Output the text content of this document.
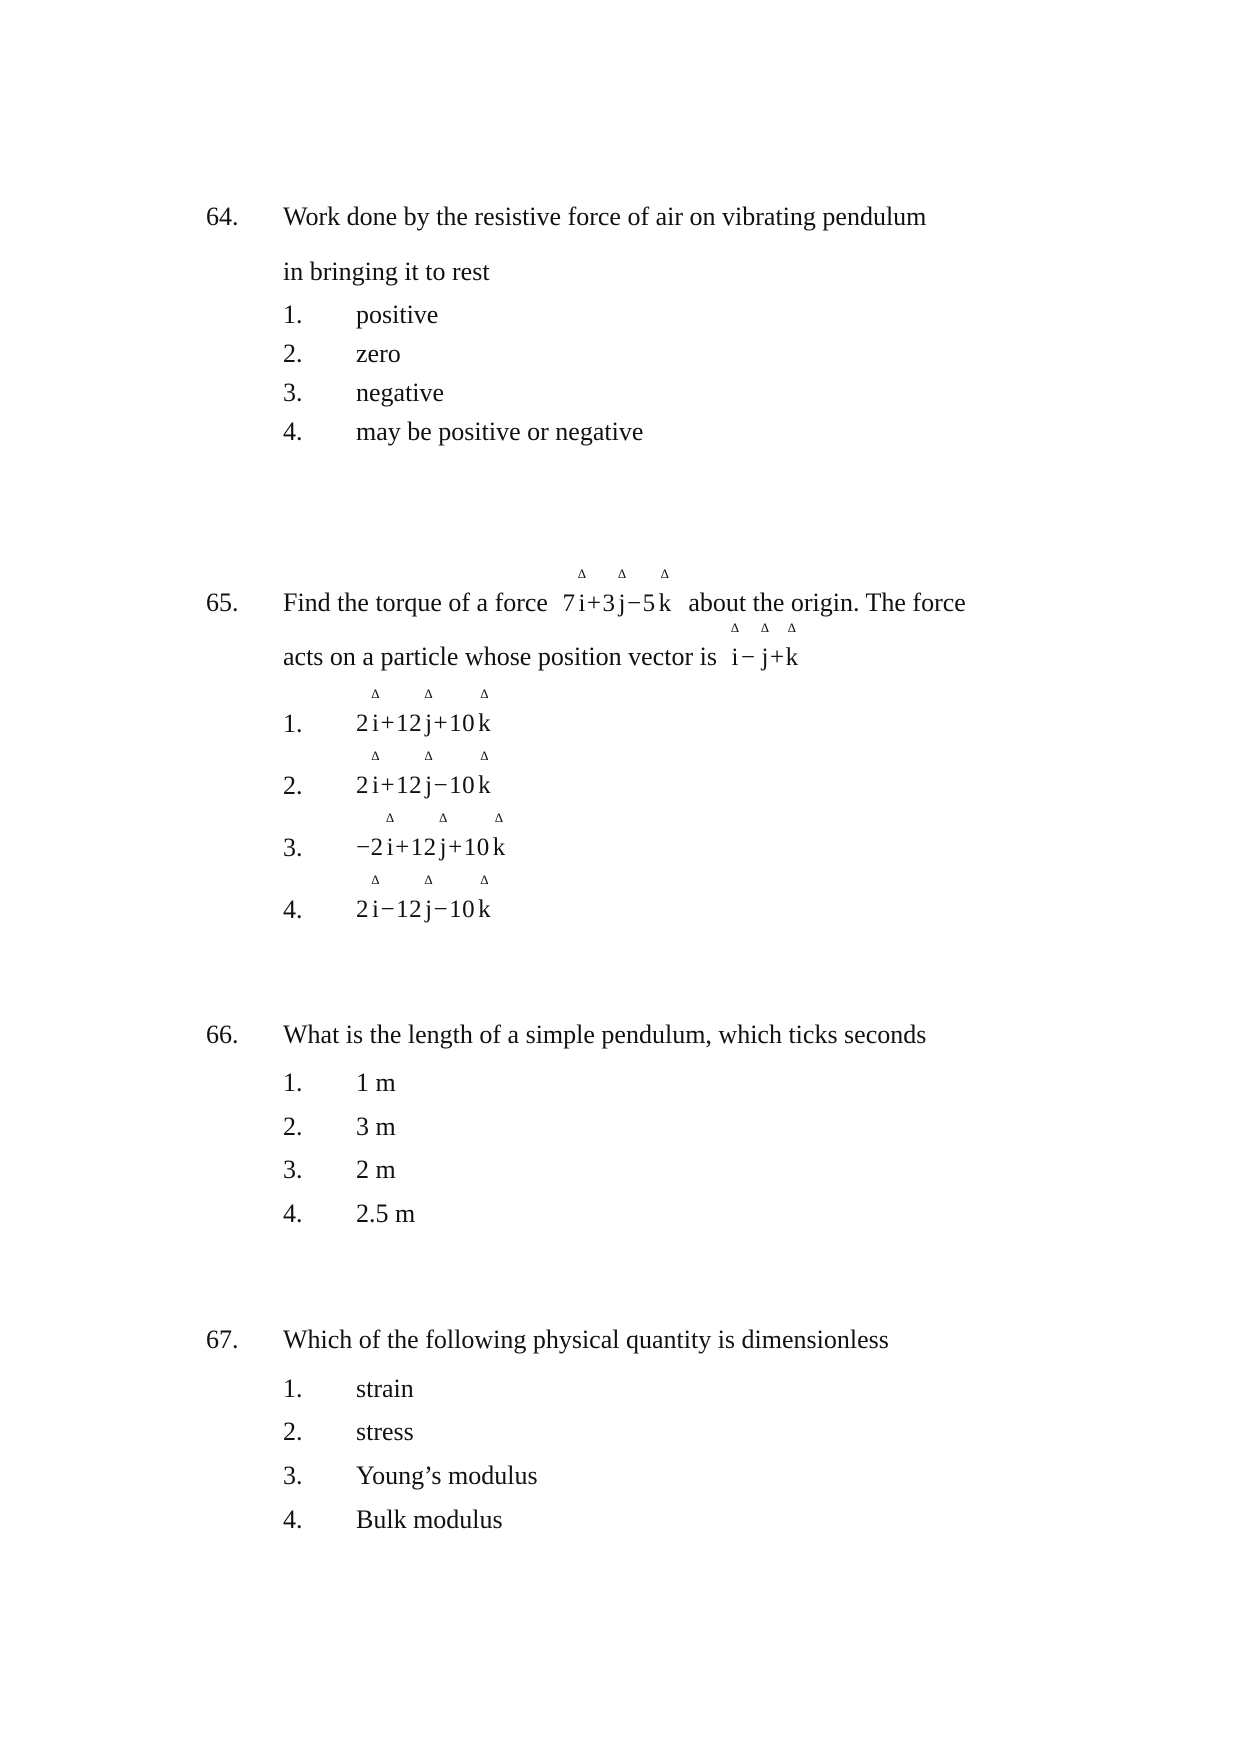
64. Work done by the resistive force of air on vibrating pendulum
in bringing it to rest
1. positive
2. zero
3. negative
4. may be positive or negative
65. Find the torque of a force 7 i
Δ
+3 j
Δ
−5 k
Δ
about the origin. The force
acts on a particle whose position vector is i
Δ
− j
Δ
+k
Δ
1. 2 i
Δ
+12 j
Δ
+10 k
Δ
2. 2 i
Δ
+12 j
Δ
−10 k
Δ
3. −2 i
Δ
+12 j
Δ
+10 k
Δ
4. 2 i
Δ
−12 j
Δ
−10 k
Δ
66. What is the length of a simple pendulum, which ticks seconds
1. 1 m
2. 3 m
3. 2 m
4. 2.5 m
67. Which of the following physical quantity is dimensionless
1. strain
2. stress
3. Young’s modulus
4. Bulk modulus
